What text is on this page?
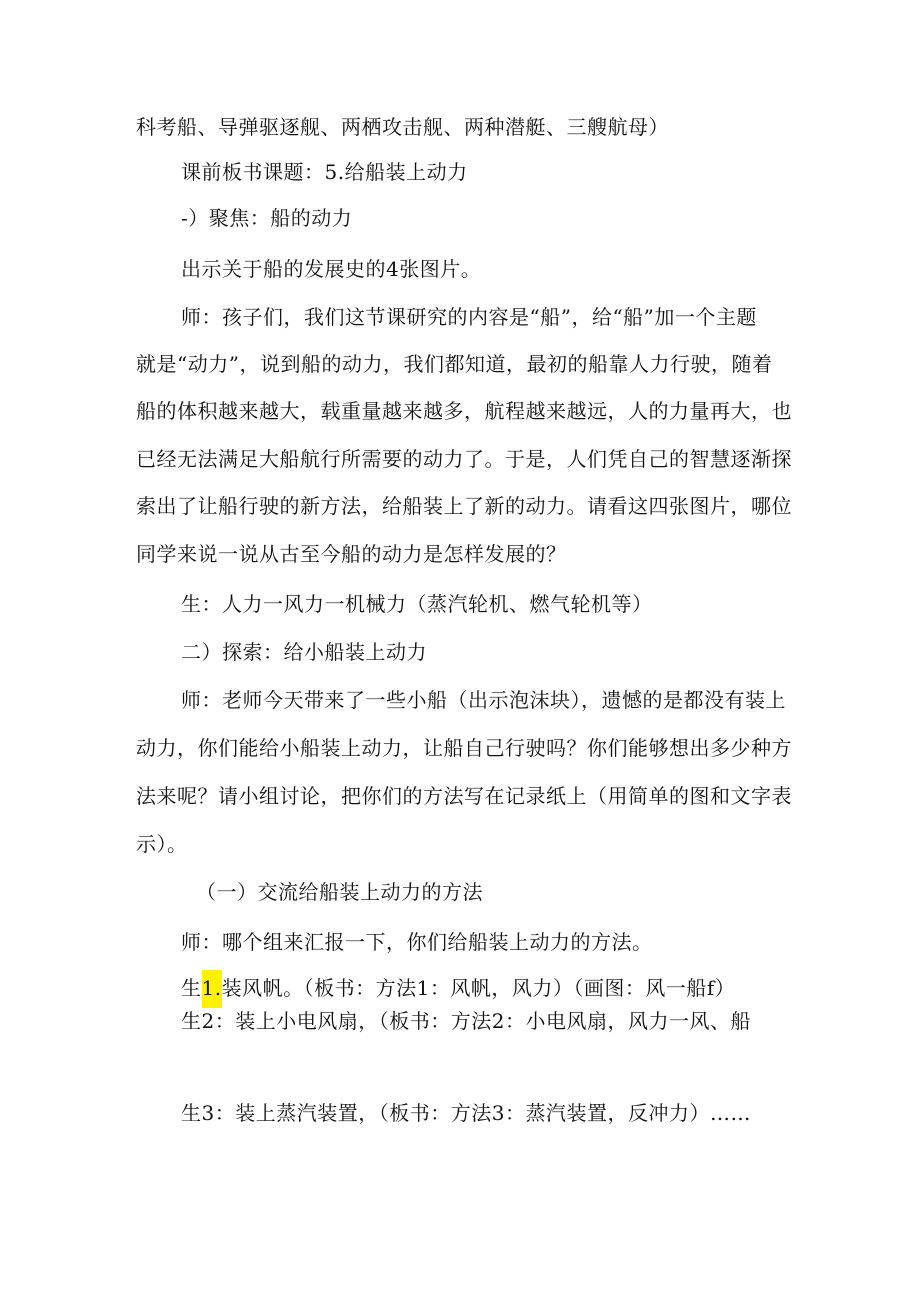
科考船、导弹驱逐舰、两栖攻击舰、两种潜艇、三艘航母）
课前板书课题：5.给船装上动力
-）聚焦：船的动力
出示关于船的发展史的4张图片。
师：孩子们，我们这节课研究的内容是“船”，给“船”加一个主题
就是“动力”，说到船的动力，我们都知道，最初的船靠人力行驶，随着
船的体积越来越大，载重量越来越多，航程越来越远，人的力量再大，也
已经无法满足大船航行所需要的动力了。于是，人们凭自己的智慧逐渐探
索出了让船行驶的新方法，给船装上了新的动力。请看这四张图片，哪位
同学来说一说从古至今船的动力是怎样发展的？
生：人力一风力一机械力（蒸汽轮机、燃气轮机等）
二）探索：给小船装上动力
师：老师今天带来了一些小船（出示泡沫块），遗憾的是都没有装上
动力，你们能给小船装上动力，让船自己行驶吗？你们能够想出多少种方
法来呢？请小组讨论，把你们的方法写在记录纸上（用简单的图和文字表
示）。
（一）交流给船装上动力的方法
师：哪个组来汇报一下，你们给船装上动力的方法。
生1.装风帆。（板书：方法1：风帆，风力）（画图：风一船f）
生2：装上小电风扇，（板书：方法2：小电风扇，风力一风、船
生3：装上蒸汽装置，（板书：方法3：蒸汽装置，反冲力）……
